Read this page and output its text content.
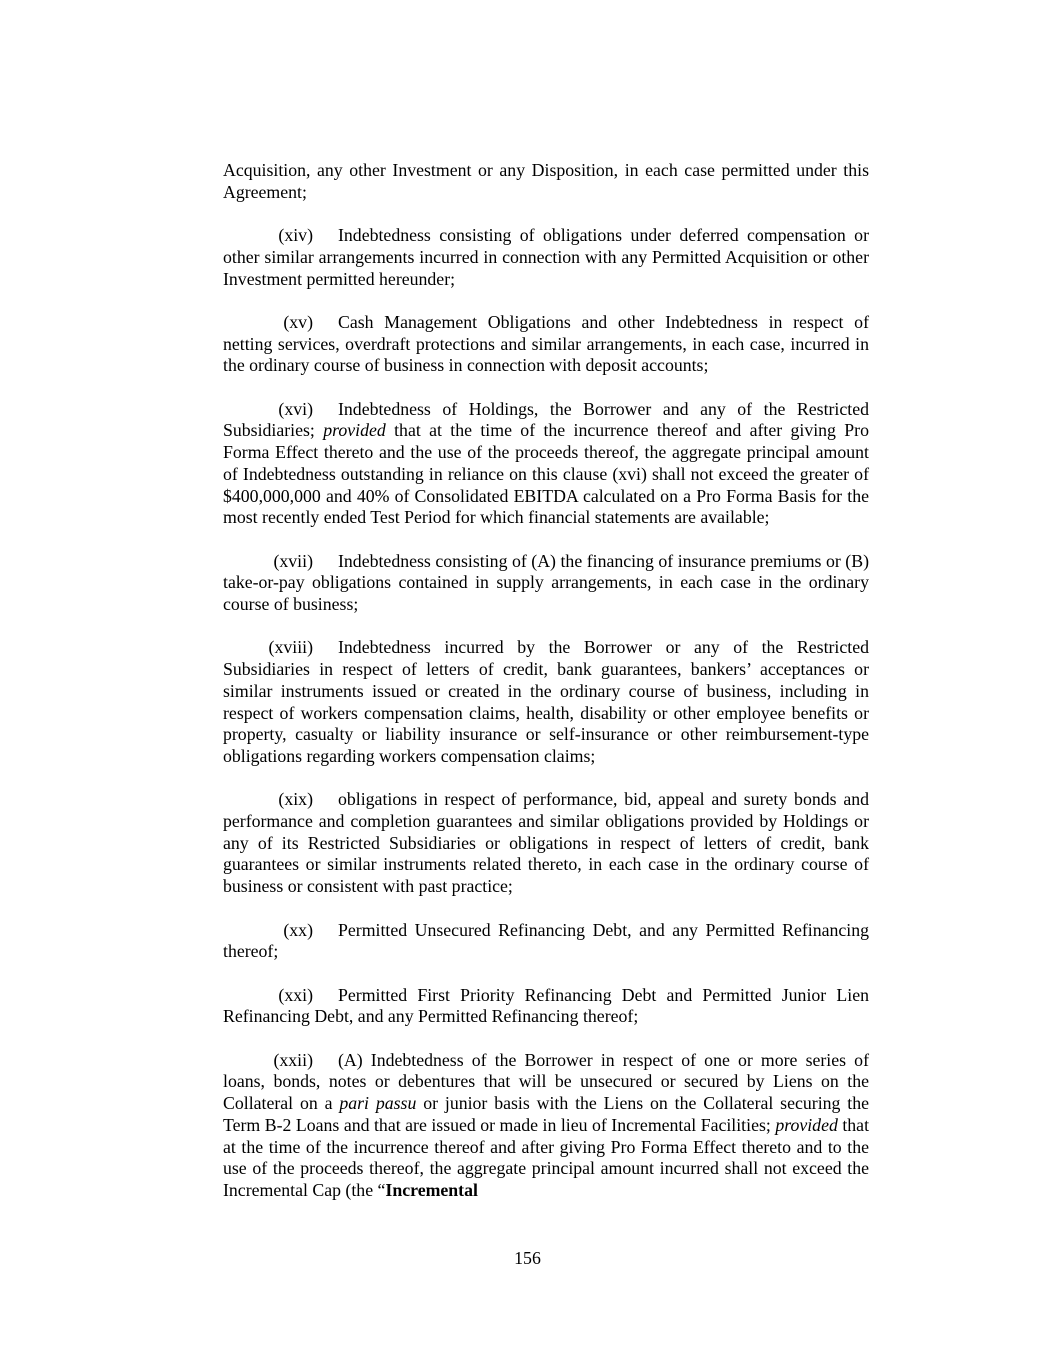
Acquisition, any other Investment or any Disposition, in each case permitted under this Agreement;

(xiv) Indebtedness consisting of obligations under deferred compensation or other similar arrangements incurred in connection with any Permitted Acquisition or other Investment permitted hereunder;

(xv) Cash Management Obligations and other Indebtedness in respect of netting services, overdraft protections and similar arrangements, in each case, incurred in the ordinary course of business in connection with deposit accounts;

(xvi) Indebtedness of Holdings, the Borrower and any of the Restricted Subsidiaries; provided that at the time of the incurrence thereof and after giving Pro Forma Effect thereto and the use of the proceeds thereof, the aggregate principal amount of Indebtedness outstanding in reliance on this clause (xvi) shall not exceed the greater of $400,000,000 and 40% of Consolidated EBITDA calculated on a Pro Forma Basis for the most recently ended Test Period for which financial statements are available;

(xvii) Indebtedness consisting of (A) the financing of insurance premiums or (B) take-or-pay obligations contained in supply arrangements, in each case in the ordinary course of business;

(xviii) Indebtedness incurred by the Borrower or any of the Restricted Subsidiaries in respect of letters of credit, bank guarantees, bankers’ acceptances or similar instruments issued or created in the ordinary course of business, including in respect of workers compensation claims, health, disability or other employee benefits or property, casualty or liability insurance or self-insurance or other reimbursement-type obligations regarding workers compensation claims;

(xix) obligations in respect of performance, bid, appeal and surety bonds and performance and completion guarantees and similar obligations provided by Holdings or any of its Restricted Subsidiaries or obligations in respect of letters of credit, bank guarantees or similar instruments related thereto, in each case in the ordinary course of business or consistent with past practice;

(xx) Permitted Unsecured Refinancing Debt, and any Permitted Refinancing thereof;

(xxi) Permitted First Priority Refinancing Debt and Permitted Junior Lien Refinancing Debt, and any Permitted Refinancing thereof;

(xxii) (A) Indebtedness of the Borrower in respect of one or more series of loans, bonds, notes or debentures that will be unsecured or secured by Liens on the Collateral on a pari passu or junior basis with the Liens on the Collateral securing the Term B-2 Loans and that are issued or made in lieu of Incremental Facilities; provided that at the time of the incurrence thereof and after giving Pro Forma Effect thereto and to the use of the proceeds thereof, the aggregate principal amount incurred shall not exceed the Incremental Cap (the “Incremental

156
